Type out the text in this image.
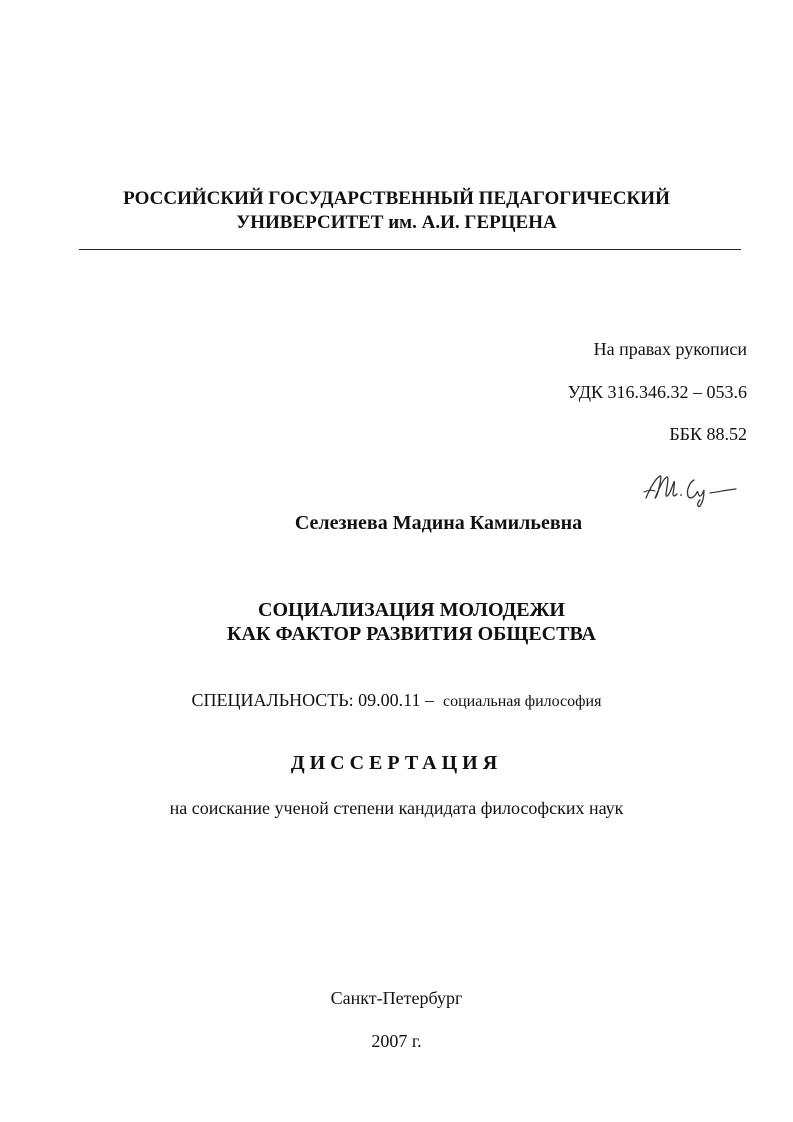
РОССИЙСКИЙ ГОСУДАРСТВЕННЫЙ ПЕДАГОГИЧЕСКИЙ
УНИВЕРСИТЕТ им. А.И. ГЕРЦЕНА
На правах рукописи
УДК 316.346.32 – 053.6
ББК 88.52
Селезнева Мадина Камильевна
СОЦИАЛИЗАЦИЯ МОЛОДЕЖИ
КАК ФАКТОР РАЗВИТИЯ ОБЩЕСТВА
СПЕЦИАЛЬНОСТЬ: 09.00.11 – социальная философия
ДИССЕРТАЦИЯ
на соискание ученой степени кандидата философских наук
Санкт-Петербург
2007 г.
